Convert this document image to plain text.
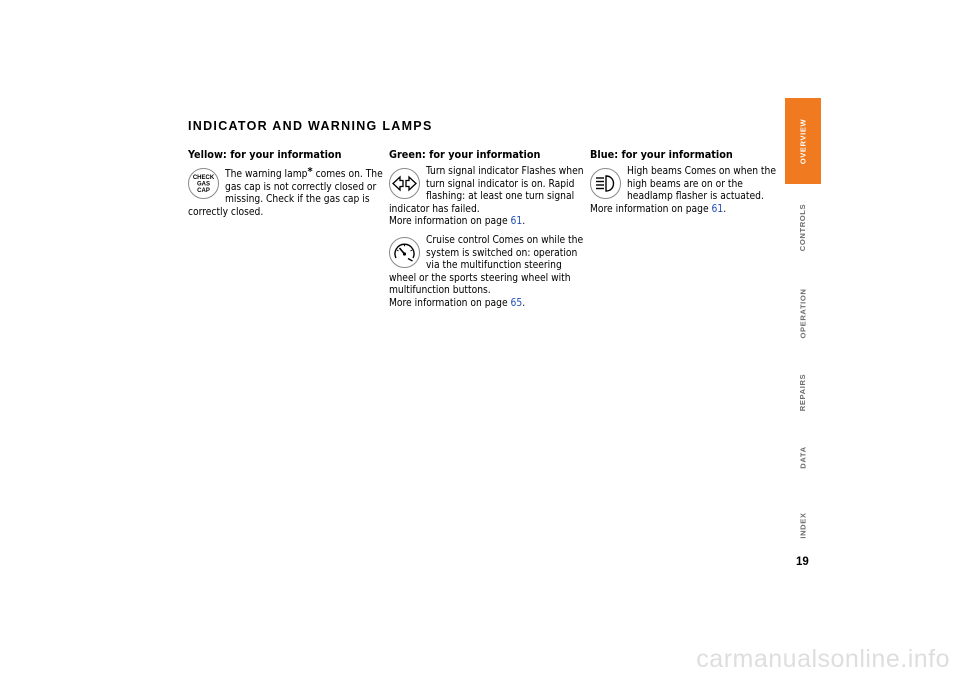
INDICATOR AND WARNING LAMPS
Yellow: for your information
CHECK
GAS
CAP

The warning lamp* comes on. The gas cap is not correctly closed or missing. Check if the gas cap is correctly closed.

Green: for your information

Turn signal indicator Flashes when turn signal indicator is on. Rapid flashing: at least one turn signal indicator has failed.

More information on page 61.

Cruise control Comes on while the system is switched on: operation via the multifunction steering wheel or the sports steering wheel with multifunction buttons.

More information on page 65.

Blue: for your information

High beams Comes on when the high beams are on or the headlamp flasher is actuated.

More information on page 61.

OVERVIEW
CONTROLS
OPERATION
REPAIRS
DATA
INDEX
19
carmanualsonline.info
